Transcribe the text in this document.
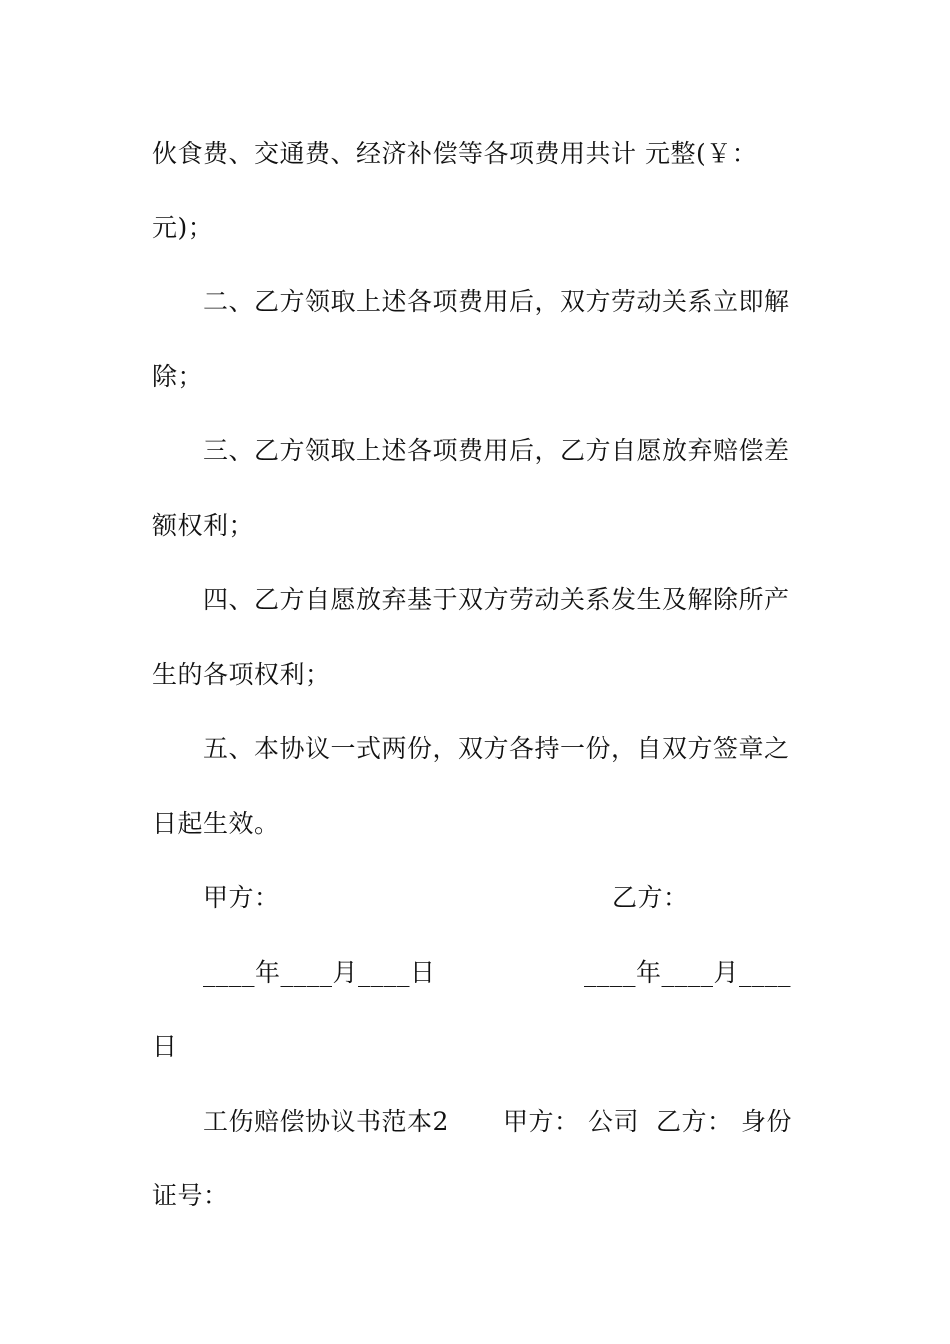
伙食费、交通费、经济补偿等各项费用共计 元整(￥：
元)；
二、乙方领取上述各项费用后，双方劳动关系立即解
除；
三、乙方领取上述各项费用后，乙方自愿放弃赔偿差
额权利；
四、乙方自愿放弃基于双方劳动关系发生及解除所产
生的各项权利；
五、本协议一式两份，双方各持一份，自双方签章之
日起生效。
甲方：	乙方：
____年____月____日	____年____月____
日
工伤赔偿协议书范本2 甲方： 公司 乙方： 身份
证号：
